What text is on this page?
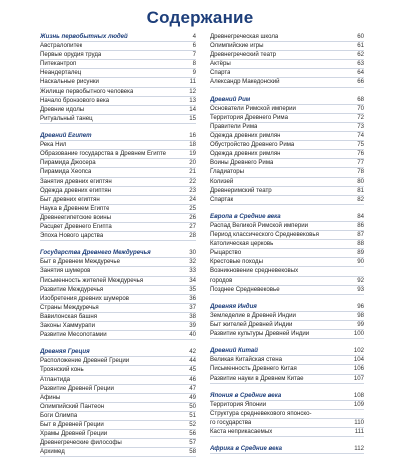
Содержание
Жизнь первобытных людей	4
Австралопитек	6
Первые орудия труда	7
Питекантроп	8
Неандерталец	9
Наскальные рисунки	11
Жилище первобытного человека	12
Начало бронзового века	13
Древние идолы	14
Ритуальный танец	15
Древний Египет	16
Река Нил	18
Образование государства в Древнем Египте	19
Пирамида Джосера	20
Пирамида Хеопса	21
Занятия древних египтян	22
Одежда древних египтян	23
Быт древних египтян	24
Наука в Древнем Египте	25
Древнеегипетские воины	26
Расцвет Древнего Египта	27
Эпоха Нового царства	28
Государства Древнего Междуречья	30
Быт в Древнем Междуречье	32
Занятия шумеров	33
Письменность жителей Междуречья	34
Развитие Междуречья	35
Изобретения древних шумеров	36
Страны Междуречья	37
Вавилонская башня	38
Законы Хаммурапи	39
Развитие Месопотамии	40
Древняя Греция	42
Расположение Древней Греции	44
Троянский конь	45
Атлантида	46
Развитие Древней Греции	47
Афины	49
Олимпийский Пантеон	50
Боги Олимпа	51
Быт в Древней Греции	52
Храмы Древней Греции	56
Древнегреческие философы	57
Архимед	58
Древнегреческая школа	60
Олимпийские игры	61
Древнегреческий театр	62
Актёры	63
Спарта	64
Александр Македонский	66
Древний Рим	68
Основатели Римской империи	70
Территория Древнего Рима	72
Правители Рима	73
Одежда древних римлян	74
Обустройство Древнего Рима	75
Одежда древних римлян	76
Воины Древнего Рима	77
Гладиаторы	78
Колизей	80
Древнеримский театр	81
Спартак	82
Европа в Средние века	84
Распад Великой Римской империи	86
Период классического Средневековья	87
Католическая церковь	88
Рыцарство	89
Крестовые походы	90
Возникновение средневековых
городов	92
Позднее Средневековье	93
Древняя Индия	96
Земледелие в Древней Индии	98
Быт жителей Древней Индии	99
Развитие культуры Древней Индии	100
Древний Китай	102
Великая Китайская стена	104
Письменность Древнего Китая	106
Развитие науки в Древнем Китае	107
Япония в Средние века	108
Территория Японии	109
Структура средневекового японско-
го государства	110
Каста неприкасаемых	111
Африка в Средние века	112
